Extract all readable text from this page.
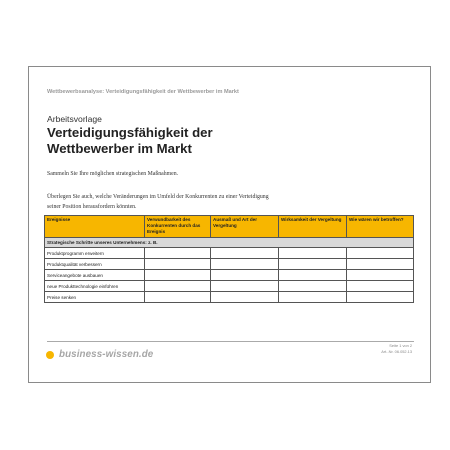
Wettbewerbsanalyse: Verteidigungsfähigkeit der Wettbewerber im Markt
Arbeitsvorlage
Verteidigungsfähigkeit der
Wettbewerber im Markt
Sammeln Sie Ihre möglichen strategischen Maßnahmen.
Überlegen Sie auch, welche Veränderungen im Umfeld der Konkurrenten zu einer Verteidigung seiner Position herausfordern könnten.
Ereignisse	Verwundbarkeit des Konkurrenten durch das Ereignis	Ausmaß und Art der Vergeltung	Wirksamkeit der Vergeltung	Wie wären wir betroffen?
Strategische Schritte unseres Unternehmens: z. B.				
Produktprogramm erweitern				
Produktqualität verbessern				
Serviceangebote ausbauen				
neue Produkttechnologie einführen				
Preise senken				
business-wissen.de
Seite 1 von 2
Art.-Nr. 06.052.13
